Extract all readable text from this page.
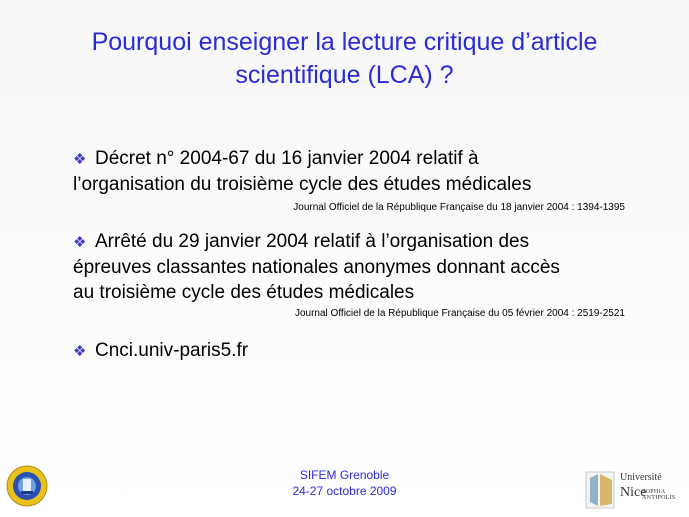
Pourquoi enseigner la lecture critique d’article
scientifique (LCA) ?
❖ Décret n° 2004-67 du 16 janvier 2004 relatif à
l’organisation du troisième cycle des études médicales
Journal Officiel de la République Française du 18 janvier 2004 : 1394-1395
❖ Arrêté du 29 janvier 2004 relatif à l’organisation des
épreuves classantes nationales anonymes donnant accès
au troisième cycle des études médicales
Journal Officiel de la République Française du 05 février 2004 : 2519-2521
❖ Cnci.univ-paris5.fr
SIFEM Grenoble
24-27 octobre 2009
Université
Nice
SOPHIA ANTIPOLIS
